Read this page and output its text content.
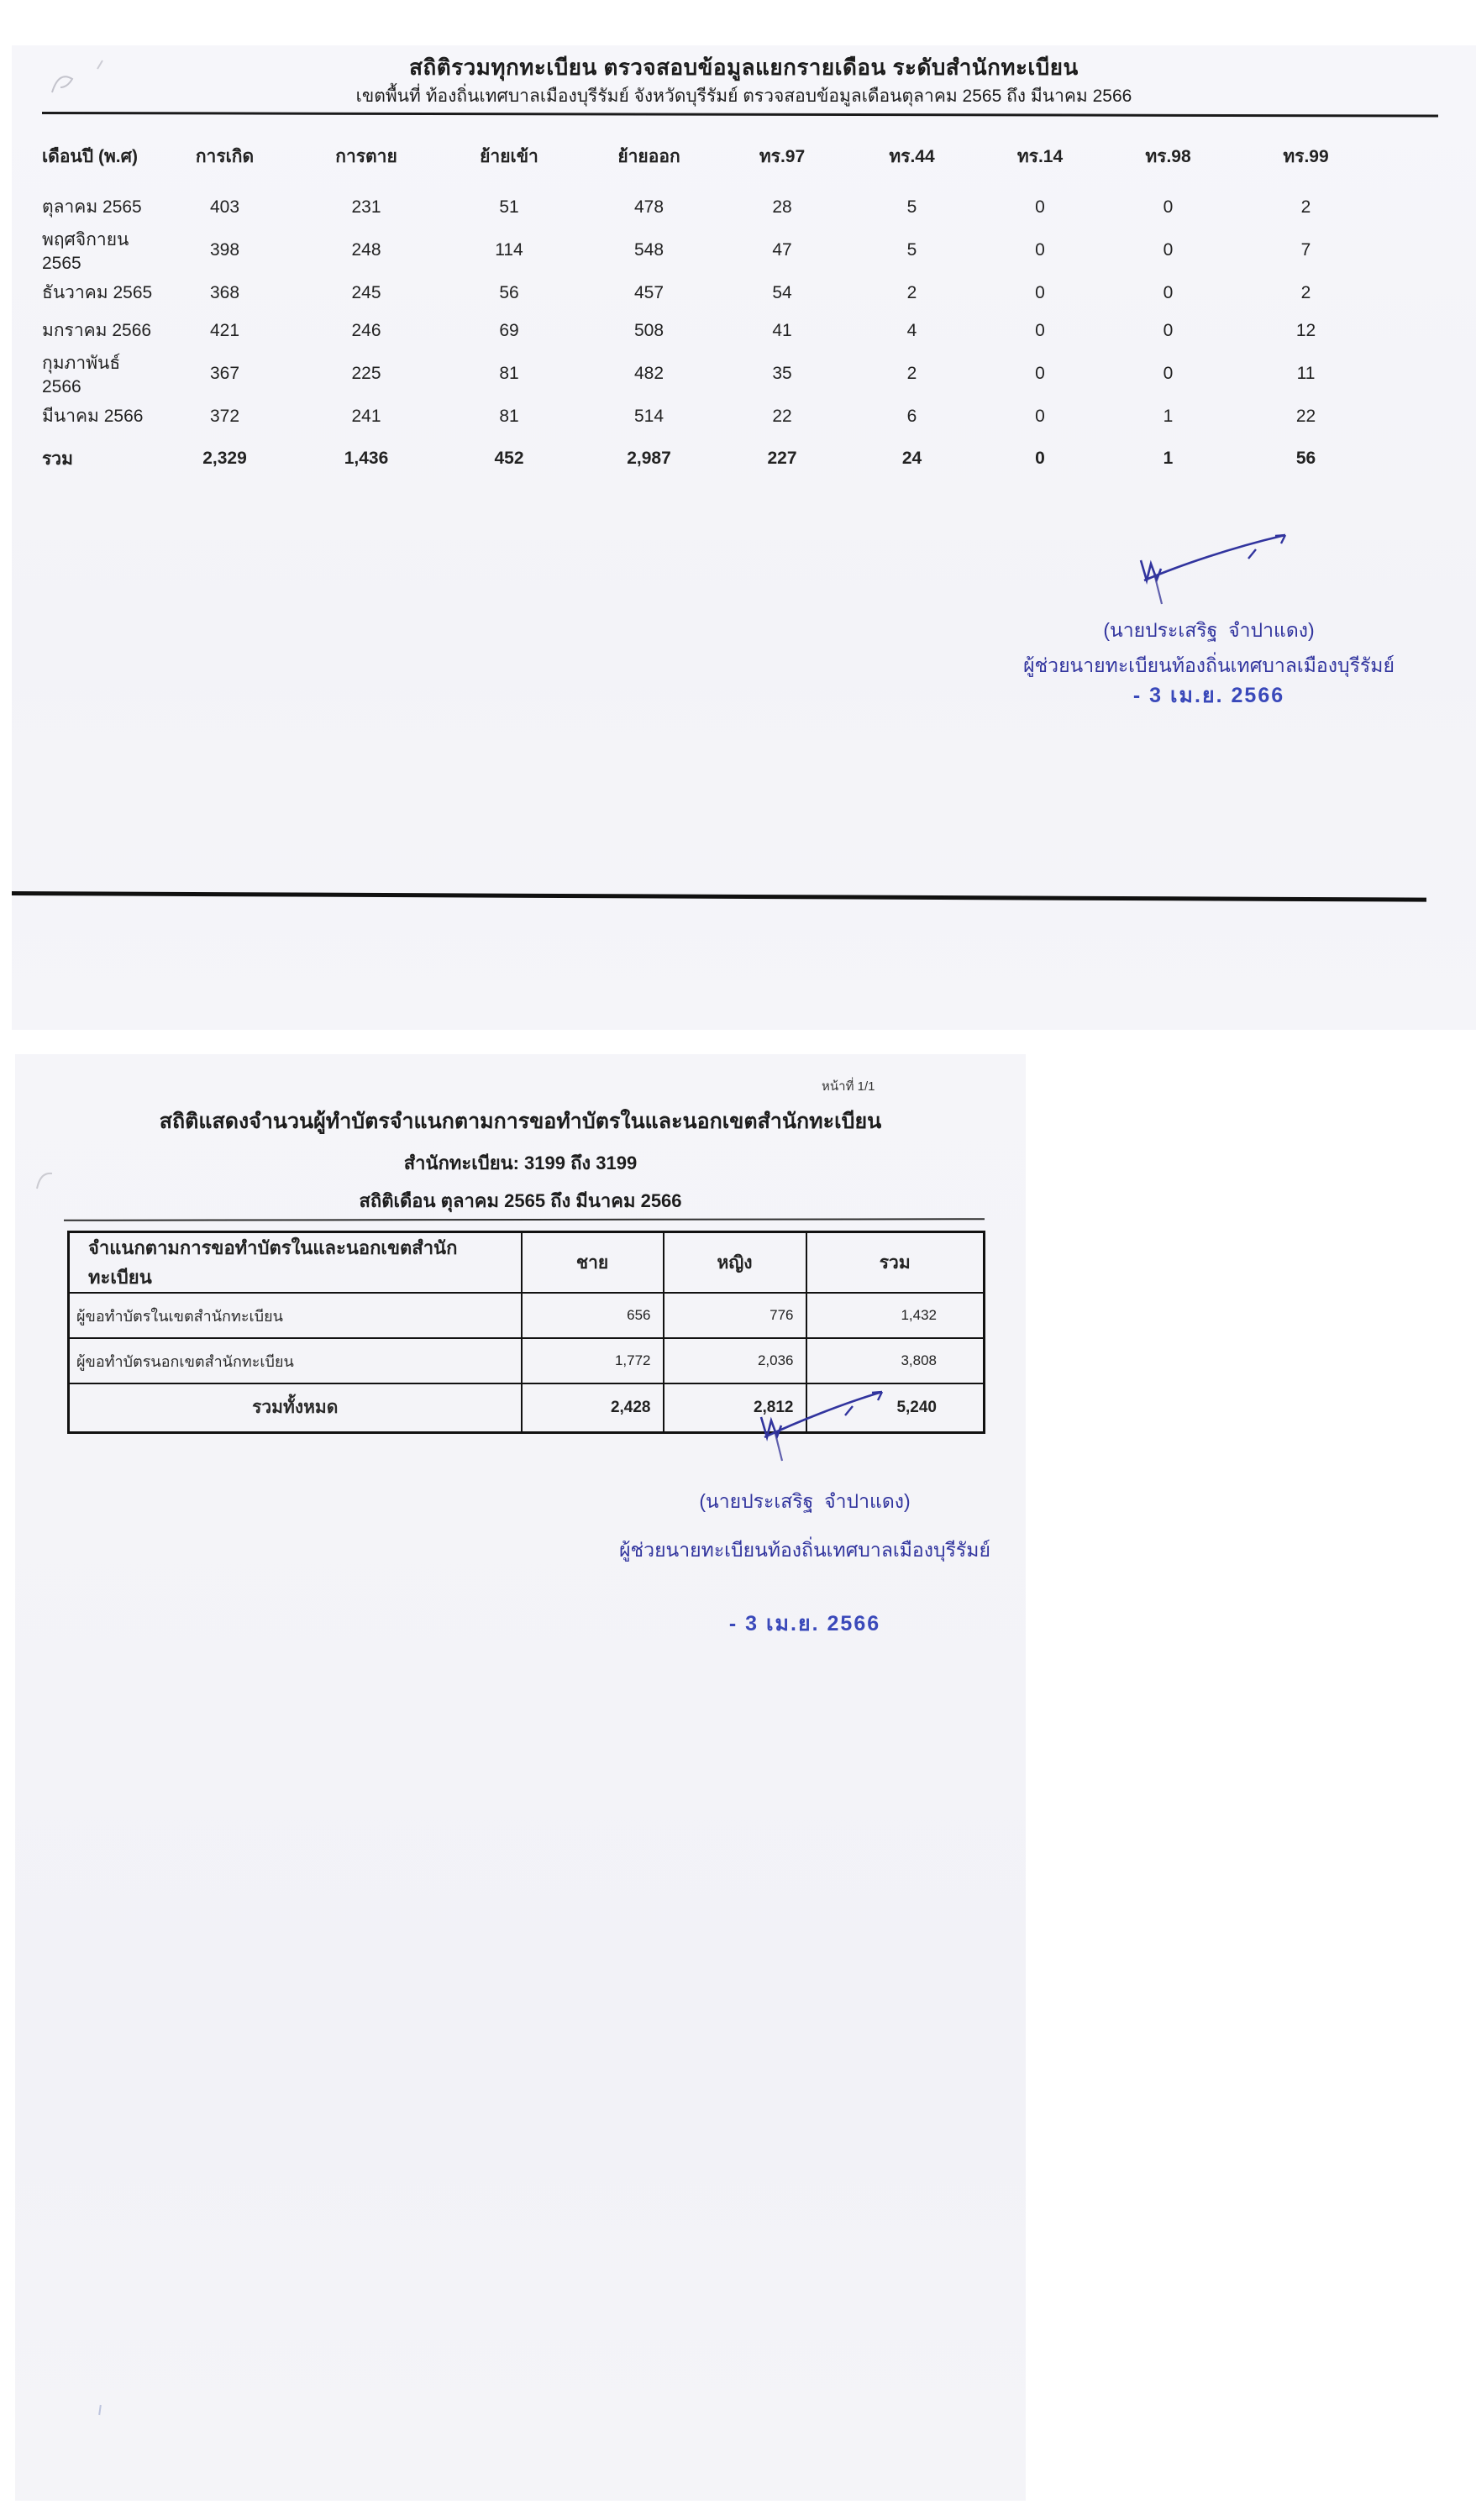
สถิติรวมทุกทะเบียน ตรวจสอบข้อมูลแยกรายเดือน ระดับสำนักทะเบียน
เขตพื้นที่ ท้องถิ่นเทศบาลเมืองบุรีรัมย์ จังหวัดบุรีรัมย์ ตรวจสอบข้อมูลเดือนตุลาคม 2565 ถึง มีนาคม 2566
เดือนปี (พ.ศ)	การเกิด	การตาย	ย้ายเข้า	ย้ายออก	ทร.97	ทร.44	ทร.14	ทร.98	ทร.99
ตุลาคม 2565	403	231	51	478	28	5	0	0	2
พฤศจิกายน 2565	398	248	114	548	47	5	0	0	7
ธันวาคม 2565	368	245	56	457	54	2	0	0	2
มกราคม 2566	421	246	69	508	41	4	0	0	12
กุมภาพันธ์ 2566	367	225	81	482	35	2	0	0	11
มีนาคม 2566	372	241	81	514	22	6	0	1	22
รวม	2,329	1,436	452	2,987	227	24	0	1	56
(นายประเสริฐ  จำปาแดง)
ผู้ช่วยนายทะเบียนท้องถิ่นเทศบาลเมืองบุรีรัมย์
- 3 เม.ย. 2566
หน้าที่ 1/1
สถิติแสดงจำนวนผู้ทำบัตรจำแนกตามการขอทำบัตรในและนอกเขตสำนักทะเบียน
สำนักทะเบียน: 3199 ถึง 3199
สถิติเดือน ตุลาคม 2565 ถึง มีนาคม 2566
จำแนกตามการขอทำบัตรในและนอกเขตสำนักทะเบียน	ชาย	หญิง	รวม
ผู้ขอทำบัตรในเขตสำนักทะเบียน	656	776	1,432
ผู้ขอทำบัตรนอกเขตสำนักทะเบียน	1,772	2,036	3,808
รวมทั้งหมด	2,428	2,812	5,240
(นายประเสริฐ  จำปาแดง)
ผู้ช่วยนายทะเบียนท้องถิ่นเทศบาลเมืองบุรีรัมย์
- 3 เม.ย. 2566
